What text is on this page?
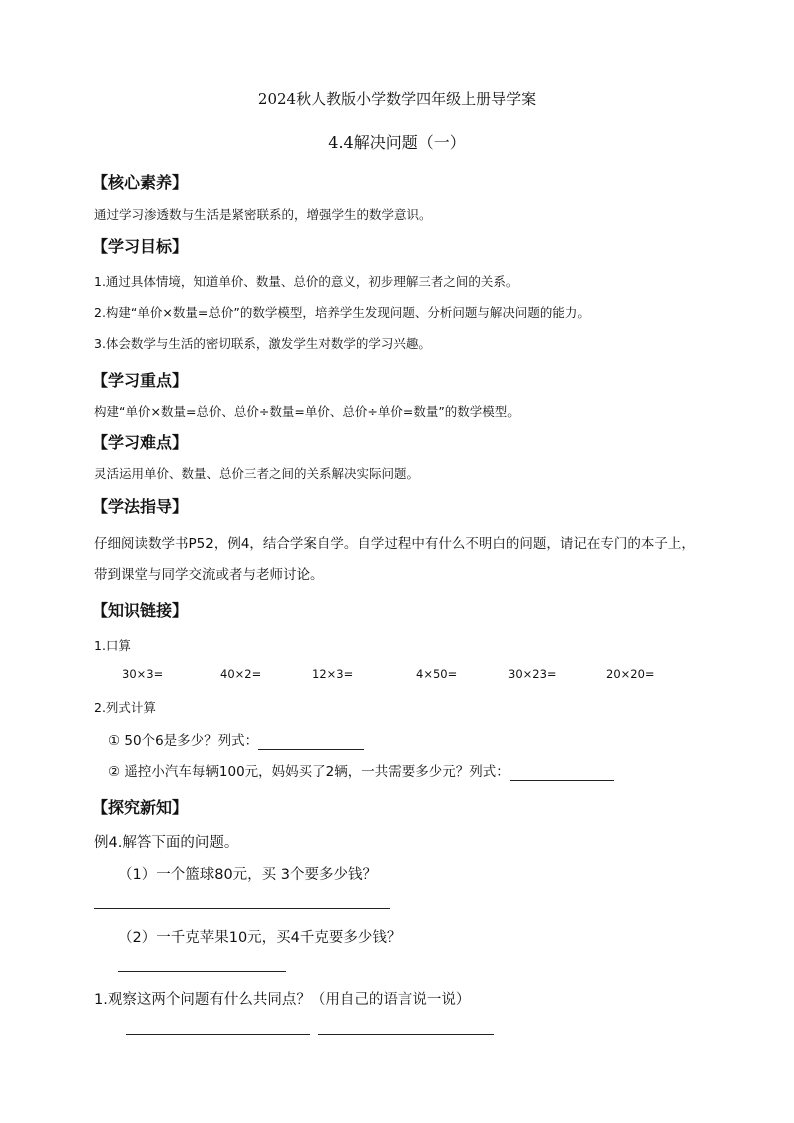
2024秋人教版小学数学四年级上册导学案
4.4解决问题（一）
【核心素养】
通过学习渗透数与生活是紧密联系的，增强学生的数学意识。
【学习目标】
1.通过具体情境，知道单价、数量、总价的意义，初步理解三者之间的关系。
2.构建“单价×数量=总价”的数学模型，培养学生发现问题、分析问题与解决问题的能力。
3.体会数学与生活的密切联系，激发学生对数学的学习兴趣。
【学习重点】
构建“单价×数量=总价、总价÷数量=单价、总价÷单价=数量”的数学模型。
【学习难点】
灵活运用单价、数量、总价三者之间的关系解决实际问题。
【学法指导】
仔细阅读数学书P52，例4，结合学案自学。自学过程中有什么不明白的问题，请记在专门的本子上，
带到课堂与同学交流或者与老师讨论。
【知识链接】
1.口算
30×3=	40×2=	12×3=	4×50=	30×23=	20×20=
2.列式计算
① 50个6是多少？列式：
② 遥控小汽车每辆100元，妈妈买了2辆，一共需要多少元？列式：
【探究新知】
例4.解答下面的问题。
（1）一个篮球80元，买 3个要多少钱？
（2）一千克苹果10元，买4千克要多少钱？
1.观察这两个问题有什么共同点？（用自己的语言说一说）
